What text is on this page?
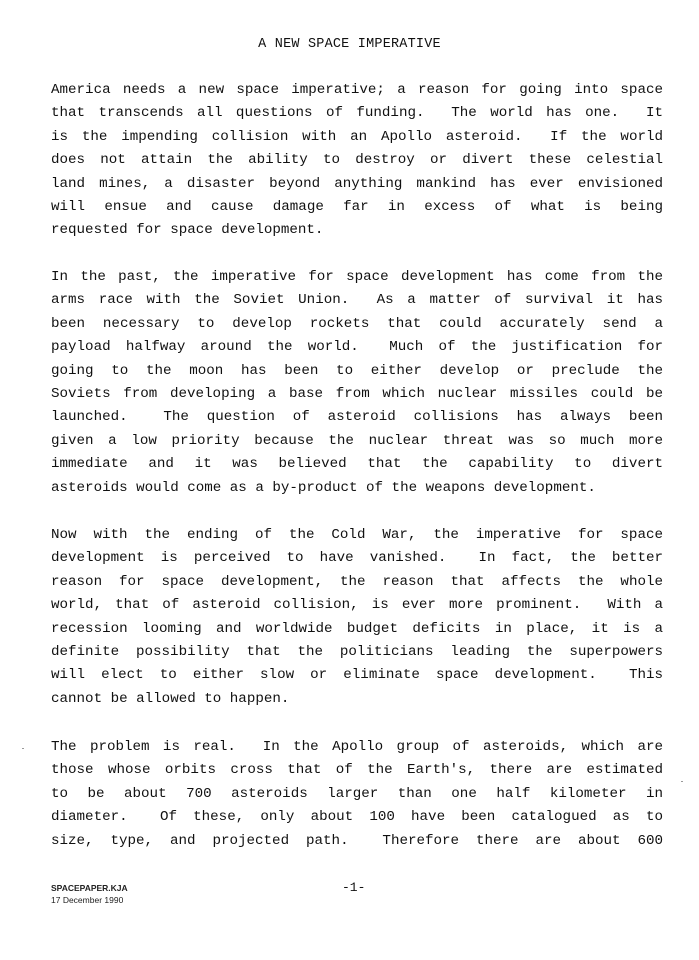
A NEW SPACE IMPERATIVE
America needs a new space imperative; a reason for going into space
that transcends all questions of funding.  The world has one.  It
is the impending collision with an Apollo asteroid.  If the world
does not attain the ability to destroy or divert these celestial
land mines, a disaster beyond anything mankind has ever envisioned
will ensue and cause damage far in excess of what is being
requested for space development.
In the past, the imperative for space development has come from the
arms race with the Soviet Union.  As a matter of survival it has
been necessary to develop rockets that could accurately send a
payload halfway around the world.  Much of the justification for
going to the moon has been to either develop or preclude the
Soviets from developing a base from which nuclear missiles could be
launched.  The question of asteroid collisions has always been
given a low priority because the nuclear threat was so much more
immediate and it was believed that the capability to divert
asteroids would come as a by-product of the weapons development.
Now with the ending of the Cold War, the imperative for space
development is perceived to have vanished.  In fact, the better
reason for space development, the reason that affects the whole
world, that of asteroid collision, is ever more prominent.  With a
recession looming and worldwide budget deficits in place, it is a
definite possibility that the politicians leading the superpowers
will elect to either slow or eliminate space development.  This
cannot be allowed to happen.
The problem is real.  In the Apollo group of asteroids, which are
those whose orbits cross that of the Earth's, there are estimated
to be about 700 asteroids larger than one half kilometer in
diameter.  Of these, only about 100 have been catalogued as to
size, type, and projected path.  Therefore there are about 600
SPACEPAPER.KJA
17 December 1990
-1-
